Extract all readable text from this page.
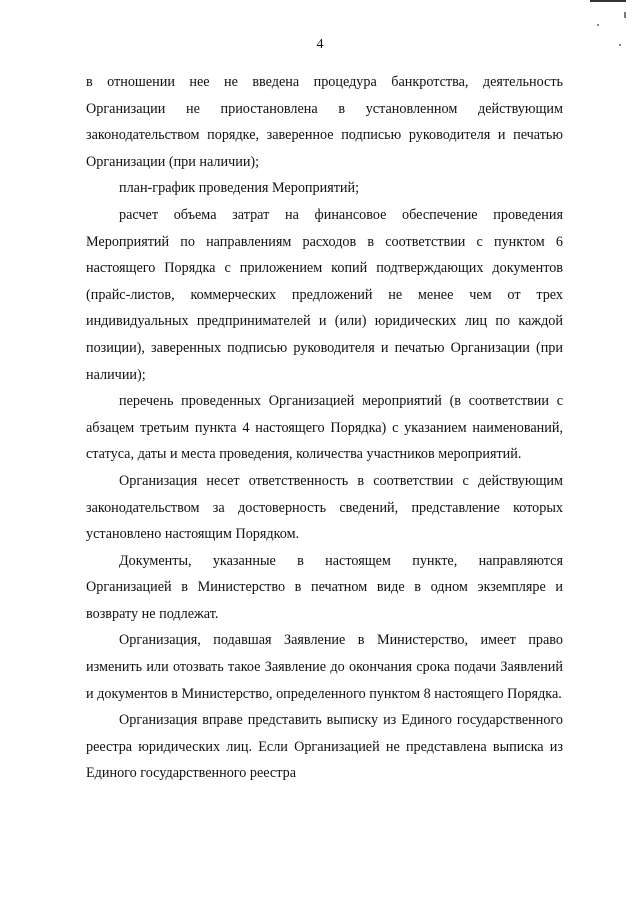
4

в отношении нее не введена процедура банкротства, деятельность Организации не приостановлена в установленном действующим законодательством порядке, заверенное подписью руководителя и печатью Организации (при наличии);

план-график проведения Мероприятий;

расчет объема затрат на финансовое обеспечение проведения Мероприятий по направлениям расходов в соответствии с пунктом 6 настоящего Порядка с приложением копий подтверждающих документов (прайс-листов, коммерческих предложений не менее чем от трех индивидуальных предпринимателей и (или) юридических лиц по каждой позиции), заверенных подписью руководителя и печатью Организации (при наличии);

перечень проведенных Организацией мероприятий (в соответствии с абзацем третьим пункта 4 настоящего Порядка) с указанием наименований, статуса, даты и места проведения, количества участников мероприятий.

Организация несет ответственность в соответствии с действующим законодательством за достоверность сведений, представление которых установлено настоящим Порядком.

Документы, указанные в настоящем пункте, направляются Организацией в Министерство в печатном виде в одном экземпляре и возврату не подлежат.

Организация, подавшая Заявление в Министерство, имеет право изменить или отозвать такое Заявление до окончания срока подачи Заявлений и документов в Министерство, определенного пунктом 8 настоящего Порядка.

Организация вправе представить выписку из Единого государственного реестра юридических лиц. Если Организацией не представлена выписка из Единого государственного реестра
